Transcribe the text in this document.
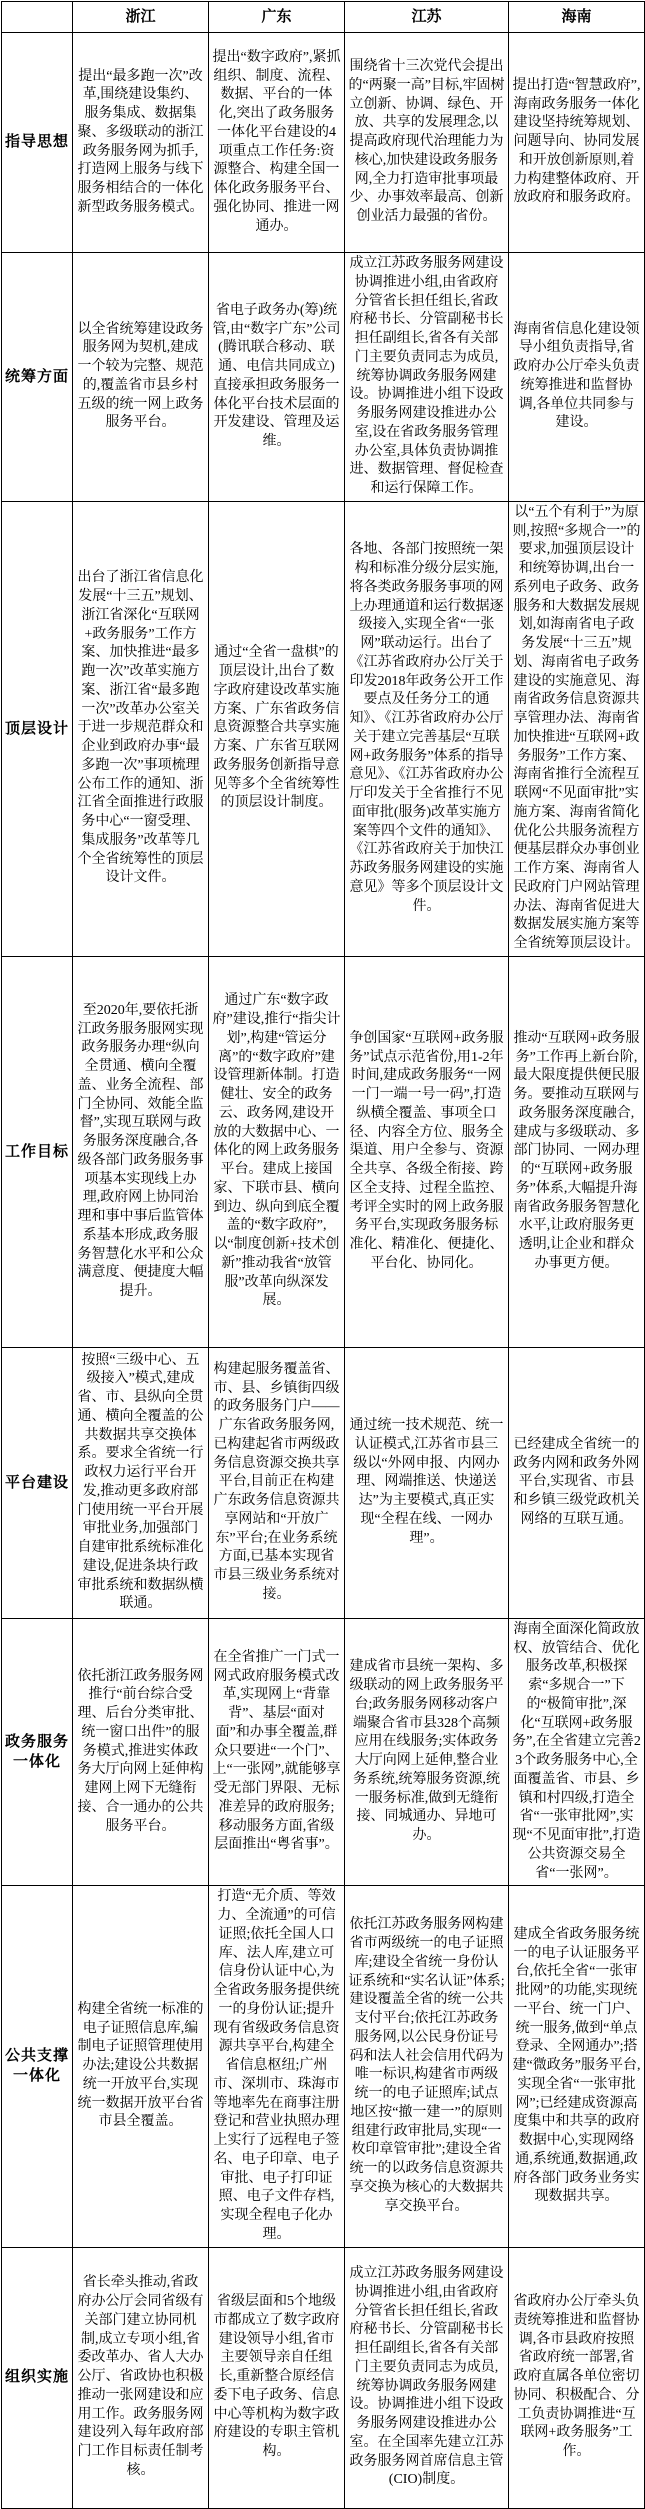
	浙江	广东	江苏	海南
指导思想	提出“最多跑一次”改革,围绕建设集约、服务集成、数据集聚、多级联动的浙江政务服务网为抓手,打造网上服务与线下服务相结合的一体化新型政务服务模式。	提出“数字政府”,紧抓组织、制度、流程、数据、平台的一体化,突出了政务服务一体化平台建设的4项重点工作任务:资源整合、构建全国一体化政务服务平台、强化协同、推进一网通办。	围绕省十三次党代会提出的“两聚一高”目标,牢固树立创新、协调、绿色、开放、共享的发展理念,以提高政府现代治理能力为核心,加快建设政务服务网,全力打造审批事项最少、办事效率最高、创新创业活力最强的省份。	提出打造“智慧政府”,海南政务服务一体化建设坚持统筹规划、问题导向、协同发展和开放创新原则,着力构建整体政府、开放政府和服务政府。
统筹方面	以全省统筹建设政务服务网为契机,建成一个较为完整、规范的,覆盖省市县乡村五级的统一网上政务服务平台。	省电子政务办(筹)统管,由“数字广东”公司(腾讯联合移动、联通、电信共同成立)直接承担政务服务一体化平台技术层面的开发建设、管理及运维。	成立江苏政务服务网建设协调推进小组,由省政府分管省长担任组长,省政府秘书长、分管副秘书长担任副组长,省各有关部门主要负责同志为成员,统筹协调政务服务网建设。协调推进小组下设政务服务网建设推进办公室,设在省政务服务管理办公室,具体负责协调推进、数据管理、督促检查和运行保障工作。	海南省信息化建设领导小组负责指导,省政府办公厅牵头负责统筹推进和监督协调,各单位共同参与建设。
顶层设计	出台了浙江省信息化发展“十三五”规划、浙江省深化“互联网+政务服务”工作方案、加快推进“最多跑一次”改革实施方案、浙江省“最多跑一次”改革办公室关于进一步规范群众和企业到政府办事“最多跑一次”事项梳理公布工作的通知、浙江省全面推进行政服务中心“一窗受理、集成服务”改革等几个全省统筹性的顶层设计文件。	通过“全省一盘棋”的顶层设计,出台了数字政府建设改革实施方案、广东省政务信息资源整合共享实施方案、广东省互联网政务服务创新指导意见等多个全省统筹性的顶层设计制度。	各地、各部门按照统一架构和标准分级分层实施,将各类政务服务事项的网上办理通道和运行数据逐级接入,实现全省“一张网”联动运行。出台了《江苏省政府办公厅关于印发2018年政务公开工作要点及任务分工的通知》、《江苏省政府办公厅关于建立完善基层“互联网+政务服务”体系的指导意见》、《江苏省政府办公厅印发关于全省推行不见面审批(服务)改革实施方案等四个文件的通知》、《江苏省政府关于加快江苏政务服务网建设的实施意见》等多个顶层设计文件。	以“五个有利于”为原则,按照“多规合一”的要求,加强顶层设计和统筹协调,出台一系列电子政务、政务服务和大数据发展规划,如海南省电子政务发展“十三五”规划、海南省电子政务建设的实施意见、海南省政务信息资源共享管理办法、海南省加快推进“互联网+政务服务”工作方案、海南省推行全流程互联网“不见面审批”实施方案、海南省简化优化公共服务流程方便基层群众办事创业工作方案、海南省人民政府门户网站管理办法、海南省促进大数据发展实施方案等全省统筹顶层设计。
工作目标	至2020年,要依托浙江政务服务服网实现政务服务办理“纵向全贯通、横向全覆盖、业务全流程、部门全协同、效能全监督”,实现互联网与政务服务深度融合,各级各部门政务服务事项基本实现线上办理,政府网上协同治理和事中事后监管体系基本形成,政务服务智慧化水平和公众满意度、便捷度大幅提升。	通过广东“数字政府”建设,推行“指尖计划”,构建“管运分离”的“数字政府”建设管理新体制。打造健壮、安全的政务云、政务网,建设开放的大数据中心、一体化的网上政务服务平台。建成上接国家、下联市县、横向到边、纵向到底全覆盖的“数字政府”,以“制度创新+技术创新”推动我省“放管服”改革向纵深发展。	争创国家“互联网+政务服务”试点示范省份,用1-2年时间,建成政务服务“一网一门一端一号一码”,打造纵横全覆盖、事项全口径、内容全方位、服务全渠道、用户全参与、资源全共享、各级全衔接、跨区全支持、过程全监控、考评全实时的网上政务服务平台,实现政务服务标准化、精准化、便捷化、平台化、协同化。	推动“互联网+政务服务”工作再上新台阶,最大限度提供便民服务。要推动互联网与政务服务深度融合,建成与多级联动、多部门协同、一网办理的“互联网+政务服务”体系,大幅提升海南省政务服务智慧化水平,让政府服务更透明,让企业和群众办事更方便。
平台建设	按照“三级中心、五级接入”模式,建成省、市、县纵向全贯通、横向全覆盖的公共数据共享交换体系。要求全省统一行政权力运行平台开发,推动更多政府部门使用统一平台开展审批业务,加强部门自建审批系统标准化建设,促进条块行政审批系统和数据纵横联通。	构建起服务覆盖省、市、县、乡镇街四级的政务服务门户——广东省政务服务网,已构建起省市两级政务信息资源交换共享平台,目前正在构建广东政务信息资源共享网站和“开放广东”平台;在业务系统方面,已基本实现省市县三级业务系统对接。	通过统一技术规范、统一认证模式,江苏省市县三级以“外网申报、内网办理、网端推送、快递送达”为主要模式,真正实现“全程在线、一网办理”。	已经建成全省统一的政务内网和政务外网平台,实现省、市县和乡镇三级党政机关网络的互联互通。
政务服务一体化	依托浙江政务服务网推行“前台综合受理、后台分类审批、统一窗口出件”的服务模式,推进实体政务大厅向网上延伸构建网上网下无缝衔接、合一通办的公共服务平台。	在全省推广一门式一网式政府服务模式改革,实现网上“背靠背”、基层“面对面”和办事全覆盖,群众只要进“一个门”、上“一张网”,就能够享受无部门界限、无标准差异的政府服务;移动服务方面,省级层面推出“粤省事”。	建成省市县统一架构、多级联动的网上政务服务平台;政务服务网移动客户端聚合省市县328个高频应用在线服务;实体政务大厅向网上延伸,整合业务系统,统筹服务资源,统一服务标准,做到无缝衔接、同城通办、异地可办。	海南全面深化简政放权、放管结合、优化服务改革,积极探索“多规合一”下的“极简审批”,深化“互联网+政务服务”,在全省建立完善23个政务服务中心,全面覆盖省、市县、乡镇和村四级,打造全省“一张审批网”,实现“不见面审批”,打造公共资源交易全省“一张网”。
公共支撑一体化	构建全省统一标准的电子证照信息库,编制电子证照管理使用办法;建设公共数据统一开放平台,实现统一数据开放平台省市县全覆盖。	打造“无介质、等效力、全流通”的可信证照;依托全国人口库、法人库,建立可信身份认证中心,为全省政务服务提供统一的身份认证;提升现有省级政务信息资源共享平台,构建全省信息枢纽;广州市、深圳市、珠海市等地率先在商事注册登记和营业执照办理上实行了远程电子签名、电子印章、电子审批、电子打印证照、电子文件存档,实现全程电子化办理。	依托江苏政务服务网构建省市两级统一的电子证照库;建设全省统一身份认证系统和“实名认证”体系;建设覆盖全省的统一公共支付平台;依托江苏政务服务网,以公民身份证号码和法人社会信用代码为唯一标识,构建省市两级统一的电子证照库;试点地区按“撤一建一”的原则组建行政审批局,实现“一枚印章管审批”;建设全省统一的以政务信息资源共享交换为核心的大数据共享交换平台。	建成全省政务服务统一的电子认证服务平台,依托全省“一张审批网”的功能,实现统一平台、统一门户、统一服务,做到“单点登录、全网通办”;搭建“微政务”服务平台,实现全省“一张审批网”;已经建成资源高度集中和共享的政府数据中心,实现网络通,系统通,数据通,政府各部门政务业务实现数据共享。
组织实施	省长牵头推动,省政府办公厅会同省级有关部门建立协同机制,成立专项小组,省委改革办、省人大办公厅、省政协也积极推动一张网建设和应用工作。政务服务网建设列入每年政府部门工作目标责任制考核。	省级层面和5个地级市都成立了数字政府建设领导小组,省市主要领导亲自任组长,重新整合原经信委下电子政务、信息中心等机构为数字政府建设的专职主管机构。	成立江苏政务服务网建设协调推进小组,由省政府分管省长担任组长,省政府秘书长、分管副秘书长担任副组长,省各有关部门主要负责同志为成员,统筹协调政务服务网建设。协调推进小组下设政务服务网建设推进办公室。在全国率先建立江苏政务服务网首席信息主管(CIO)制度。	省政府办公厅牵头负责统筹推进和监督协调,各市县政府按照省政府统一部署,省政府直属各单位密切协同、积极配合、分工负责协调推进“互联网+政务服务”工作。
